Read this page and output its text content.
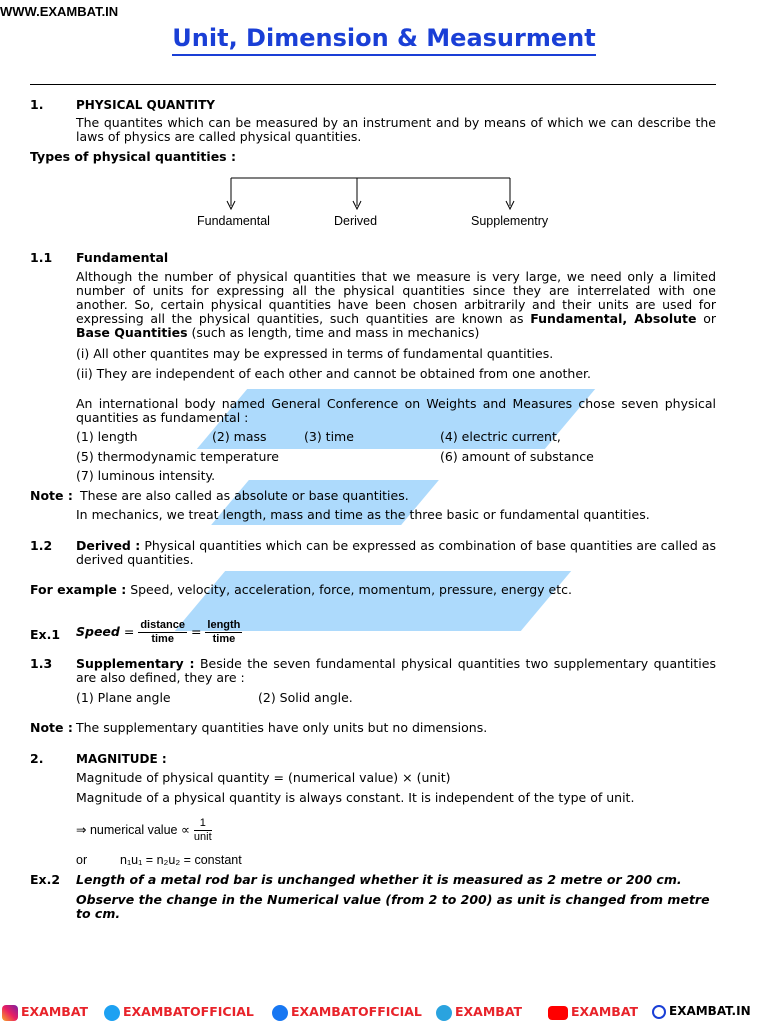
WWW.EXAMBAT.IN
Unit, Dimension & Measurment
1.	PHYSICAL QUANTITY
The quantites which can be measured by an instrument and by means of which we can describe the laws of physics are called physical quantities.
Types of physical quantities :
Fundamental	Derived	Supplementry
1.1 Fundamental
Although the number of physical quantities that we measure is very large, we need only a limited number of units for expressing all the physical quantities since they are interrelated with one another. So, certain physical quantities have been chosen arbitrarily and their units are used for expressing all the physical quantities, such quantities are known as Fundamental, Absolute or Base Quantities (such as length, time and mass in mechanics)
(i) All other quantites may be expressed in terms of fundamental quantities.
(ii) They are independent of each other and cannot be obtained from one another.
An international body named General Conference on Weights and Measures chose seven physical quantities as fundamental :
(1) length	(2) mass	(3) time	(4) electric current,
(5) thermodynamic temperature	(6) amount of substance
(7) luminous intensity.
Note : These are also called as absolute or base quantities.
In mechanics, we treat length, mass and time as the three basic or fundamental quantities.
1.2 Derived : Physical quantities which can be expressed as combination of base quantities are called as derived quantities.
For example : Speed, velocity, acceleration, force, momentum, pressure, energy etc.
Ex.1 Speed = $\frac{\text{distance}}{\text{time}} = \frac{\text{length}}{\text{time}}$
1.3 Supplementary : Beside the seven fundamental physical quantities two supplementary quantities are also defined, they are :
(1) Plane angle	(2) Solid angle.
Note : The supplementary quantities have only units but no dimensions.
2.	MAGNITUDE :
Magnitude of physical quantity = (numerical value) × (unit)
Magnitude of a physical quantity is always constant. It is independent of the type of unit.
⇒ numerical value ∝ $\frac{1}{\text{unit}}$
or	n₁u₁ = n₂u₂ = constant
Ex.2 Length of a metal rod bar is unchanged whether it is measured as 2 metre or 200 cm.
Observe the change in the Numerical value (from 2 to 200) as unit is changed from metre to cm.
EXAMBAT	EXAMBATOFFICIAL	EXAMBATOFFICIAL	EXAMBAT	EXAMBAT	EXAMBAT.IN
